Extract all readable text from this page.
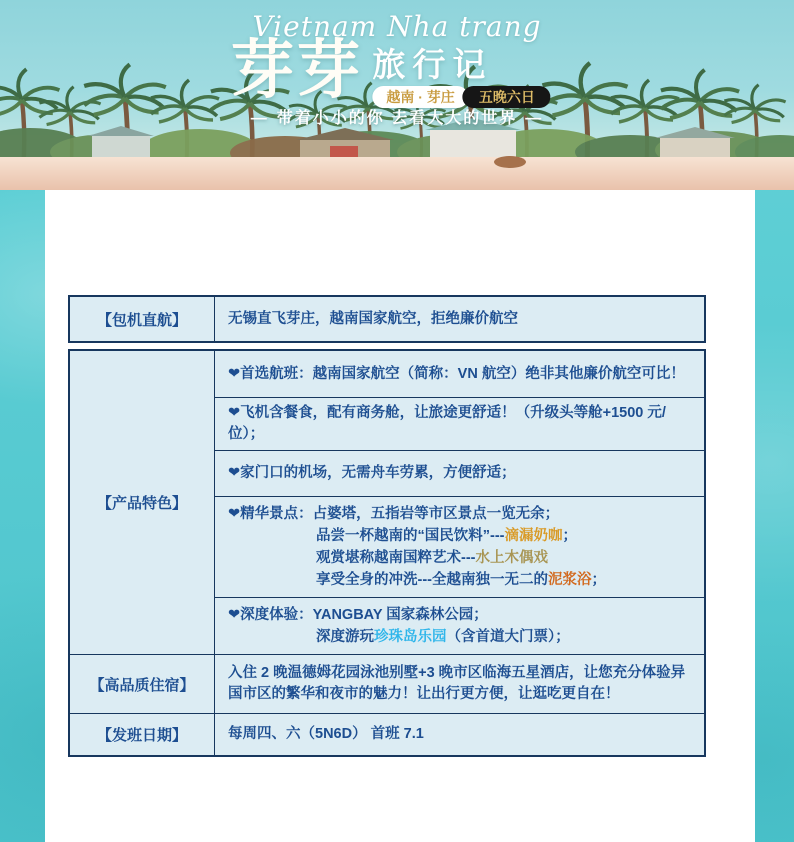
Vietnam Nha trang
芽芽 旅行记
越南 · 芽庄	五晚六日
— 带着小小的你 去看大大的世界 —
【包机直航】	无锡直飞芽庄，越南国家航空，拒绝廉价航空
【产品特色】	❤首选航班：越南国家航空（简称：VN 航空）绝非其他廉价航空可比！
	❤飞机含餐食，配有商务舱，让旅途更舒适！（升级头等舱+1500 元/位）；
	❤家门口的机场，无需舟车劳累，方便舒适；

	❤精华景点：占婆塔，五指岩等市区景点一览无余；
品尝一杯越南的“国民饮料”---滴漏奶咖；
观赏堪称越南国粹艺术---水上木偶戏
享受全身的冲洗---全越南独一无二的泥浆浴；

	❤深度体验：YANGBAY 国家森林公园；
深度游玩珍珠岛乐园（含首道大门票）；

【高品质住宿】	入住 2 晚温德姆花园泳池别墅+3 晚市区临海五星酒店，让您充分体验异国市区的繁华和夜市的魅力！让出行更方便，让逛吃更自在！
【发班日期】	每周四、六（5N6D） 首班 7.1
